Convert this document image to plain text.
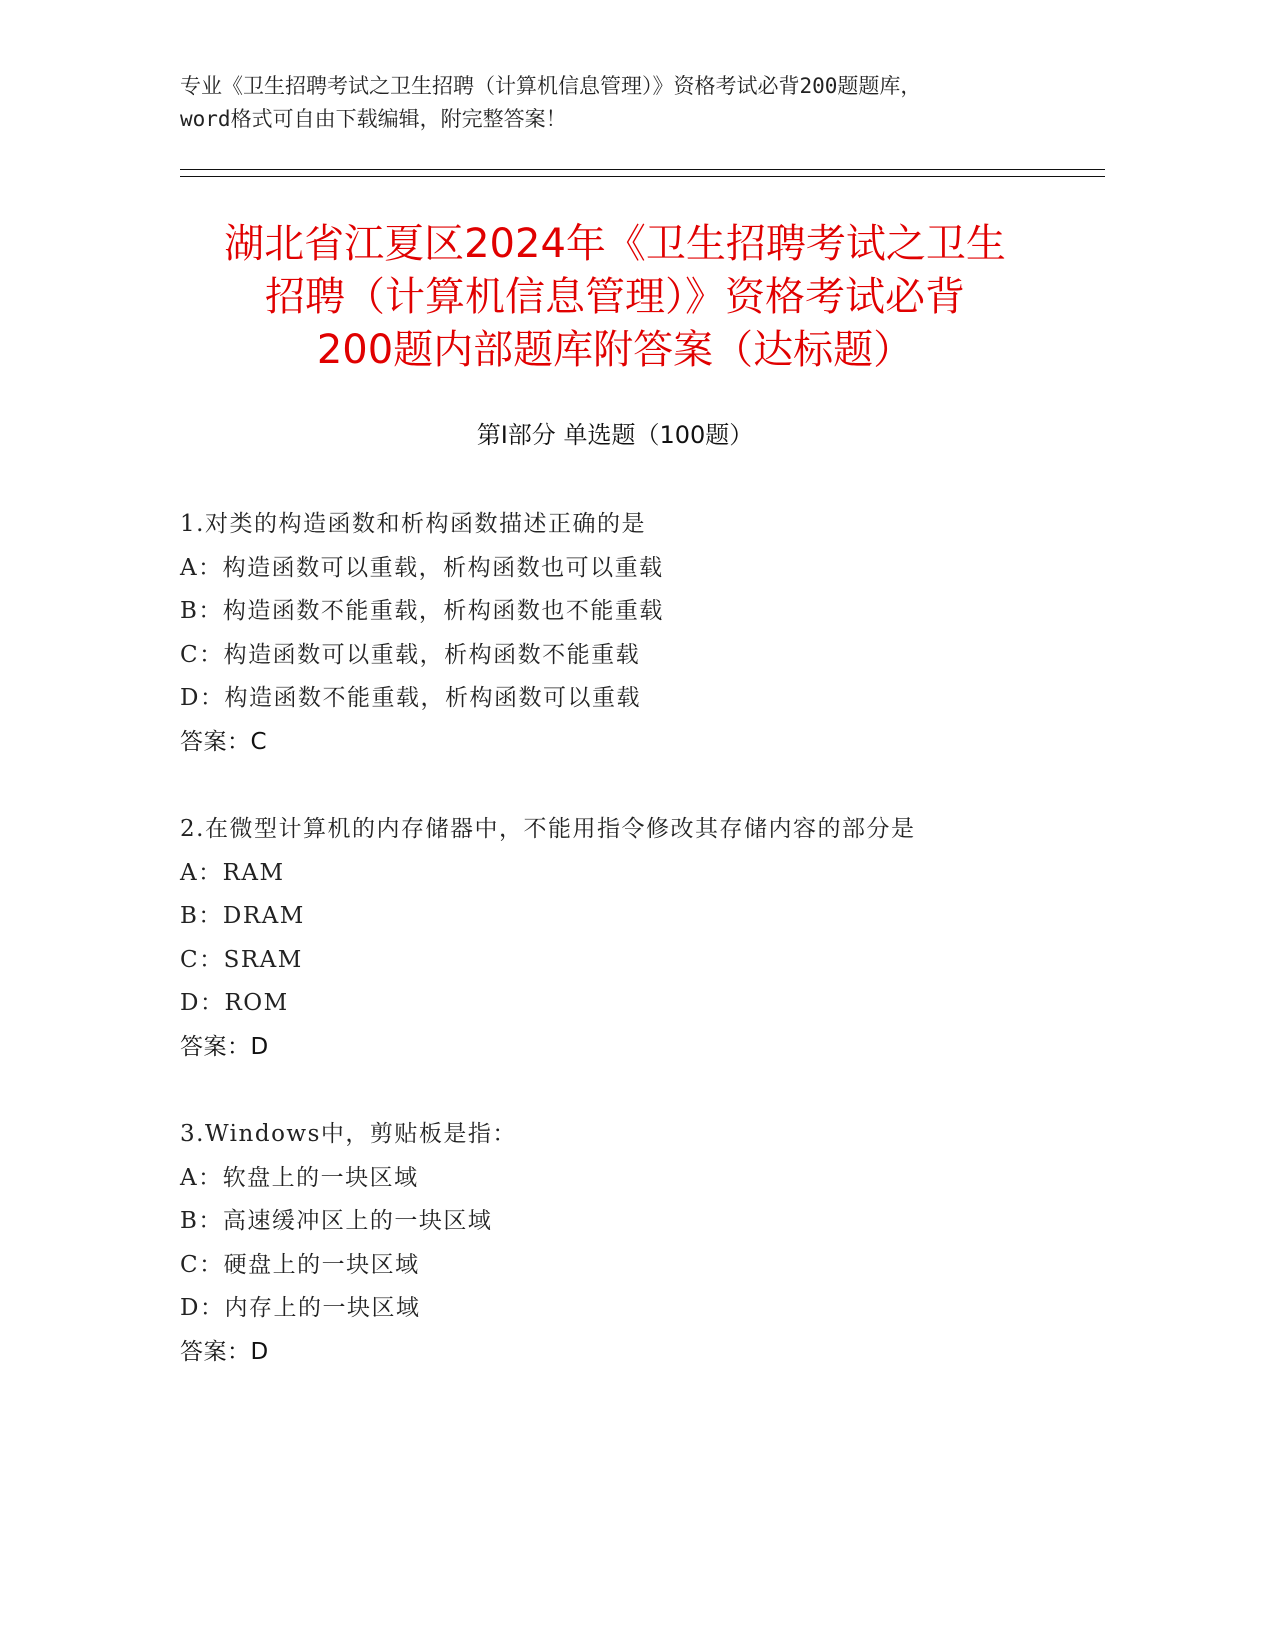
专业《卫生招聘考试之卫生招聘（计算机信息管理）》资格考试必背200题题库，
word格式可自由下载编辑，附完整答案！
湖北省江夏区2024年《卫生招聘考试之卫生
招聘（计算机信息管理）》资格考试必背
200题内部题库附答案（达标题）
第Ⅰ部分 单选题（100题）
1.对类的构造函数和析构函数描述正确的是
A：构造函数可以重载，析构函数也可以重载
B：构造函数不能重载，析构函数也不能重载
C：构造函数可以重载，析构函数不能重载
D：构造函数不能重载，析构函数可以重载
答案：C
2.在微型计算机的内存储器中，不能用指令修改其存储内容的部分是
A：RAM
B：DRAM
C：SRAM
D：ROM
答案：D
3.Windows中，剪贴板是指：
A：软盘上的一块区域
B：高速缓冲区上的一块区域
C：硬盘上的一块区域
D：内存上的一块区域
答案：D
